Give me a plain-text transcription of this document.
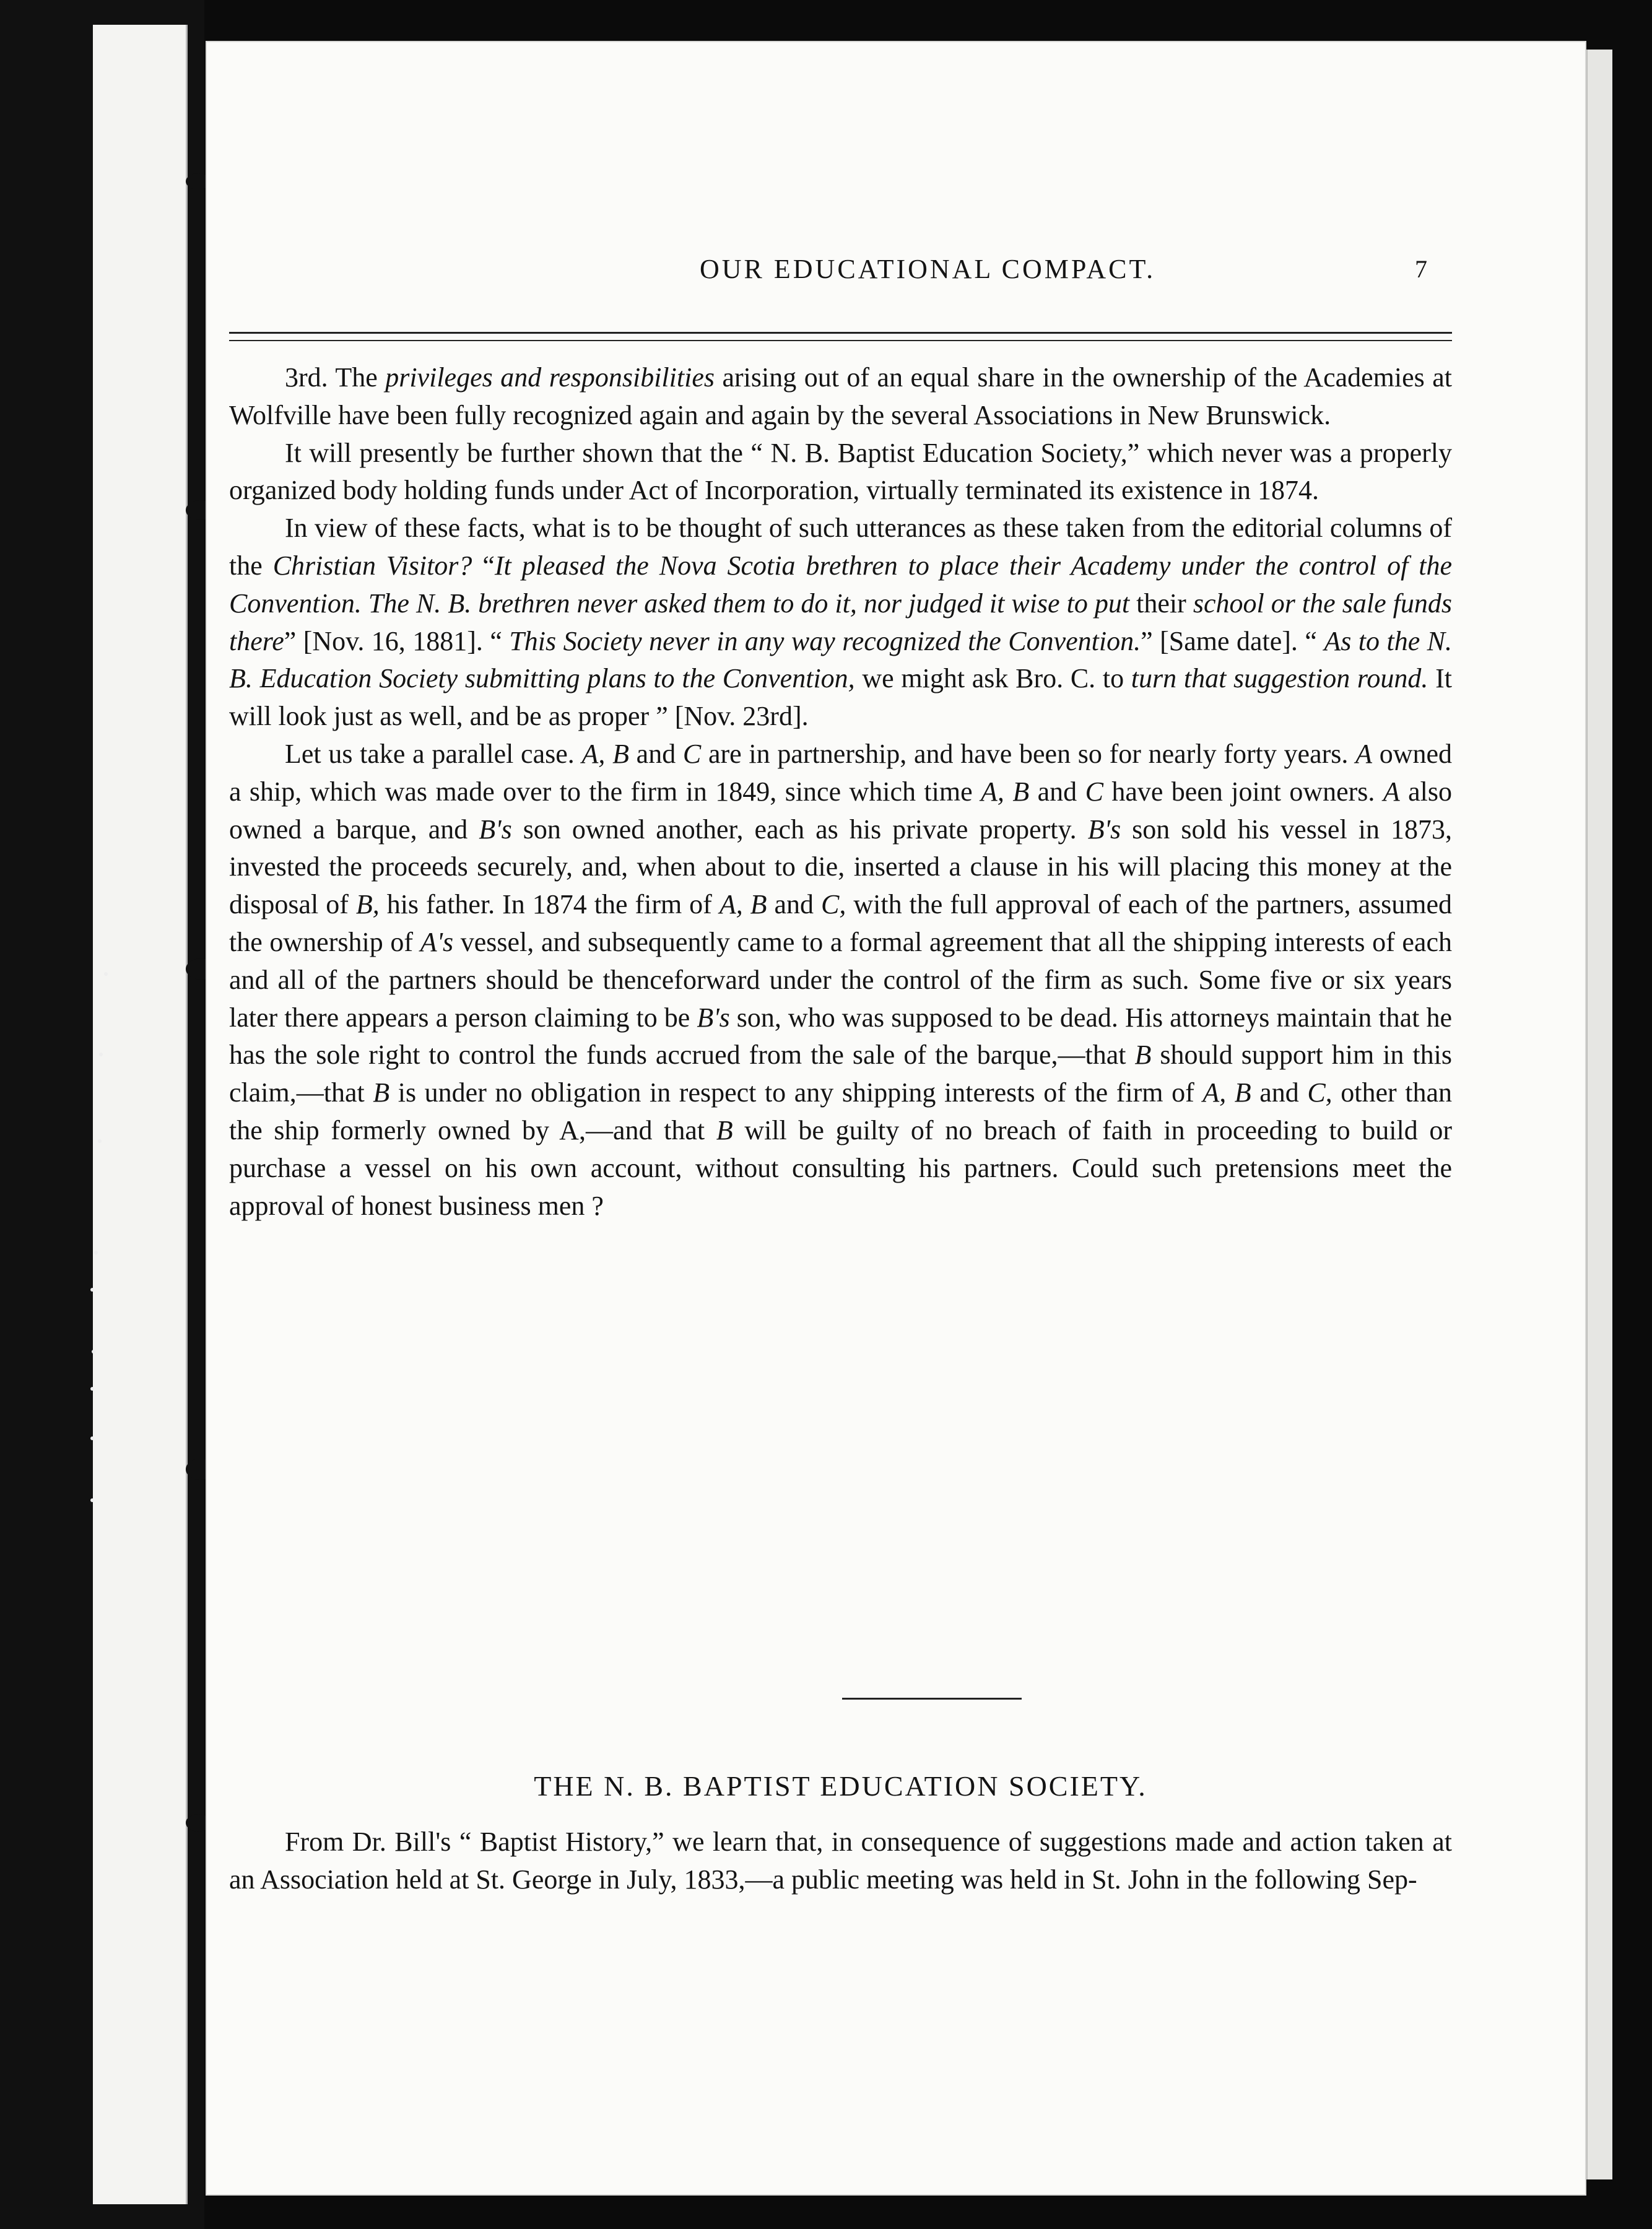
OUR EDUCATIONAL COMPACT.	7

3rd. The privileges and responsibilities arising out of an equal share in the ownership of the Academies at Wolfville have been fully recognized again and again by the several Associations in New Brunswick.

It will presently be further shown that the “ N. B. Baptist Education Society,” which never was a properly organized body holding funds under Act of Incorporation, virtually terminated its existence in 1874.

In view of these facts, what is to be thought of such utterances as these taken from the editorial columns of the Christian Visitor? “It pleased the Nova Scotia brethren to place their Academy under the control of the Convention. The N. B. brethren never asked them to do it, nor judged it wise to put their school or the sale funds there” [Nov. 16, 1881]. “ This Society never in any way recognized the Convention.” [Same date]. “ As to the N. B. Education Society submitting plans to the Convention, we might ask Bro. C. to turn that suggestion round. It will look just as well, and be as proper ” [Nov. 23rd].

Let us take a parallel case. A, B and C are in partnership, and have been so for nearly forty years. A owned a ship, which was made over to the firm in 1849, since which time A, B and C have been joint owners. A also owned a barque, and B's son owned another, each as his private property. B's son sold his vessel in 1873, invested the proceeds securely, and, when about to die, inserted a clause in his will placing this money at the disposal of B, his father. In 1874 the firm of A, B and C, with the full approval of each of the partners, assumed the ownership of A's vessel, and subsequently came to a formal agreement that all the shipping interests of each and all of the partners should be thenceforward under the control of the firm as such. Some five or six years later there appears a person claiming to be B's son, who was supposed to be dead. His attorneys maintain that he has the sole right to control the funds accrued from the sale of the barque,—that B should support him in this claim,—that B is under no obligation in respect to any shipping interests of the firm of A, B and C, other than the ship formerly owned by A,—and that B will be guilty of no breach of faith in proceeding to build or purchase a vessel on his own account, without consulting his partners. Could such pretensions meet the approval of honest business men ?

THE N. B. BAPTIST EDUCATION SOCIETY.

From Dr. Bill's “ Baptist History,” we learn that, in consequence of suggestions made and action taken at an Association held at St. George in July, 1833,—a public meeting was held in St. John in the following Sep-
